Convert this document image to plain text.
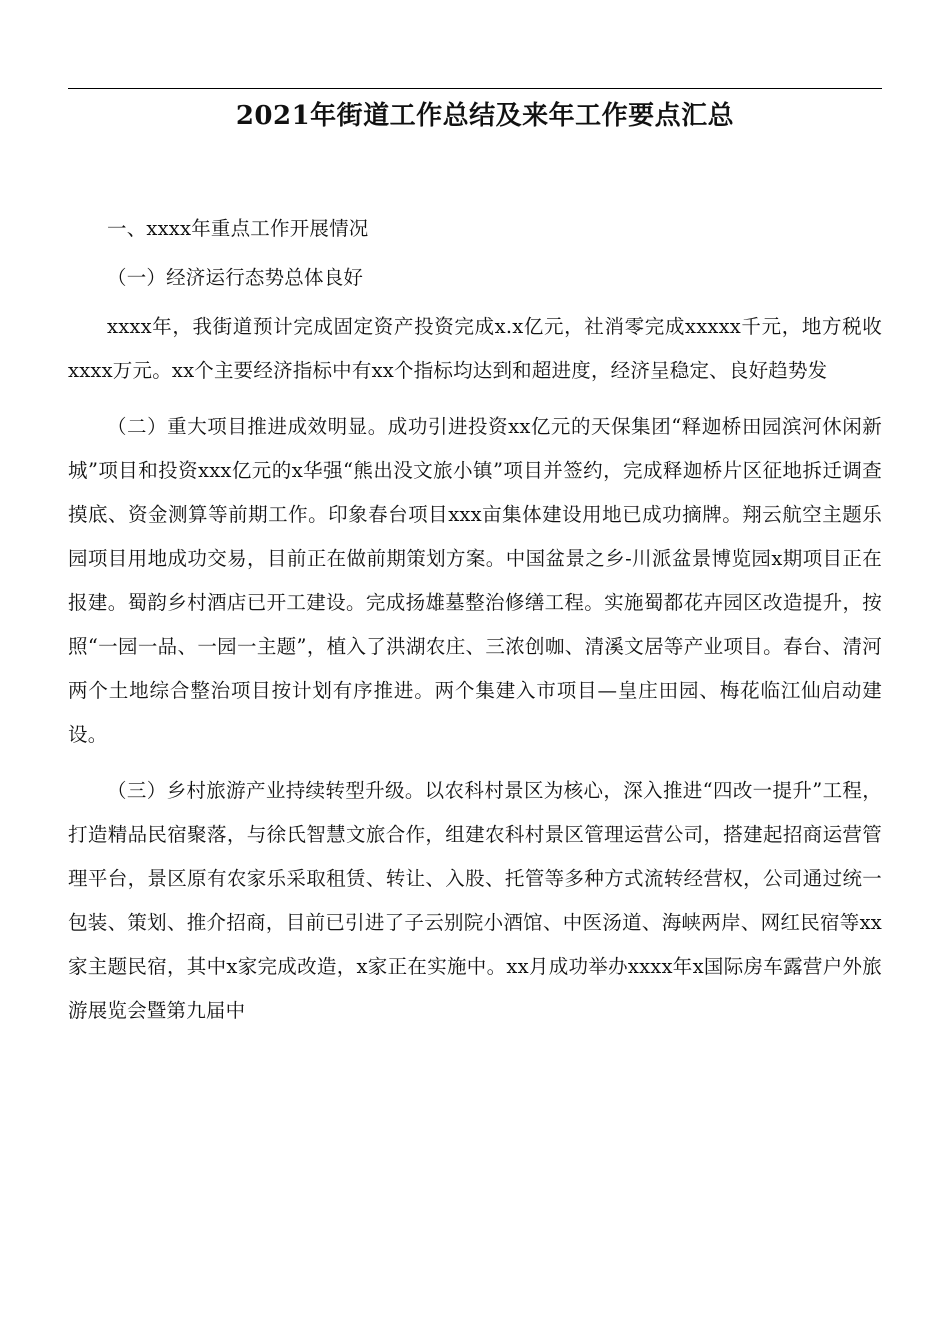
2021年街道工作总结及来年工作要点汇总

一、xxxx年重点工作开展情况

（一）经济运行态势总体良好

xxxx年，我街道预计完成固定资产投资完成x.x亿元，社消零完成xxxxx千元，地方税收xxxx万元。xx个主要经济指标中有xx个指标均达到和超进度，经济呈稳定、良好趋势发

（二）重大项目推进成效明显。成功引进投资xx亿元的天保集团“释迦桥田园滨河休闲新城”项目和投资xxx亿元的x华强“熊出没文旅小镇”项目并签约，完成释迦桥片区征地拆迁调查摸底、资金测算等前期工作。印象春台项目xxx亩集体建设用地已成功摘牌。翔云航空主题乐园项目用地成功交易，目前正在做前期策划方案。中国盆景之乡-川派盆景博览园x期项目正在报建。蜀韵乡村酒店已开工建设。完成扬雄墓整治修缮工程。实施蜀都花卉园区改造提升，按照“一园一品、一园一主题”，植入了洪湖农庄、三浓创咖、清溪文居等产业项目。春台、清河两个土地综合整治项目按计划有序推进。两个集建入市项目—皇庄田园、梅花临江仙启动建设。

（三）乡村旅游产业持续转型升级。以农科村景区为核心，深入推进“四改一提升”工程，打造精品民宿聚落，与徐氏智慧文旅合作，组建农科村景区管理运营公司，搭建起招商运营管理平台，景区原有农家乐采取租赁、转让、入股、托管等多种方式流转经营权，公司通过统一包装、策划、推介招商，目前已引进了子云别院小酒馆、中医汤道、海峡两岸、网红民宿等xx家主题民宿，其中x家完成改造，x家正在实施中。xx月成功举办xxxx年x国际房车露营户外旅游展览会暨第九届中
